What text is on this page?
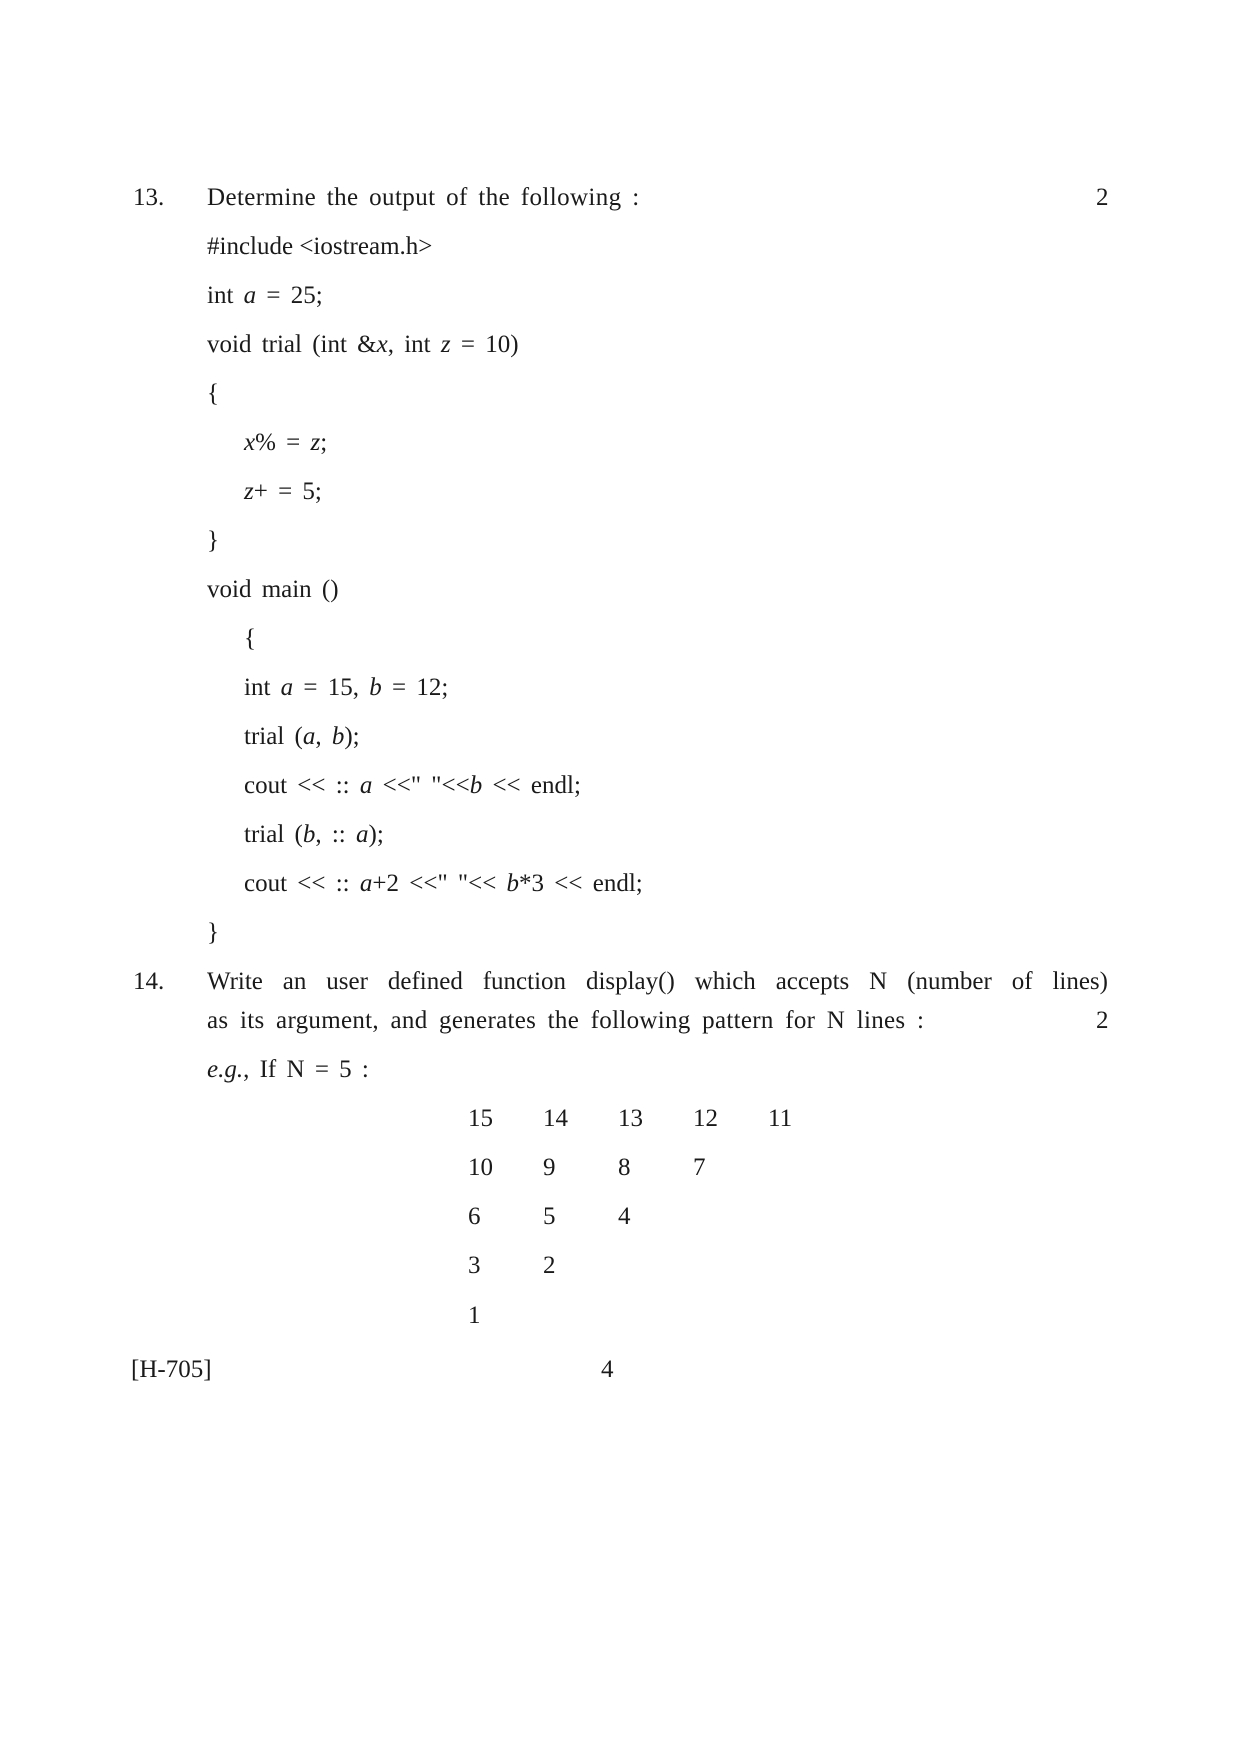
13. Determine the output of the following :	2
#include <iostream.h>
int a = 25;
void trial (int &x, int z = 10)
{
x% = z;
z+ = 5;
}
void main ()
{
int a = 15, b = 12;
trial (a, b);
cout << :: a <<" "<<b << endl;
trial (b, :: a);
cout << :: a+2 <<" "<< b*3 << endl;
}
14. Write an user defined function display() which accepts N (number of lines)
as its argument, and generates the following pattern for N lines :	2
e.g., If N = 5 :
15 14 13 12 11
10 9	8	7
6	5	4
3	2
1
[H-705]	4
